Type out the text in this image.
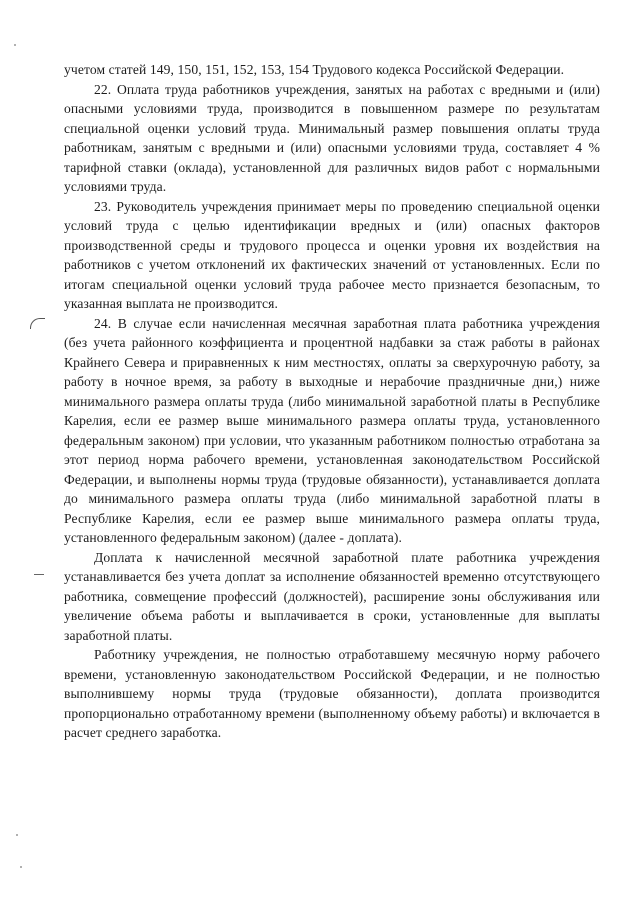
учетом статей 149, 150, 151, 152, 153, 154 Трудового кодекса Российской Федерации.

22. Оплата труда работников учреждения, занятых на работах с вредными и (или) опасными условиями труда, производится в повышенном размере по результатам специальной оценки условий труда. Минимальный размер повышения оплаты труда работникам, занятым с вредными и (или) опасными условиями труда, составляет 4 % тарифной ставки (оклада), установленной для различных видов работ с нормальными условиями труда.

23. Руководитель учреждения принимает меры по проведению специальной оценки условий труда с целью идентификации вредных и (или) опасных факторов производственной среды и трудового процесса и оценки уровня их воздействия на работников с учетом отклонений их фактических значений от установленных. Если по итогам специальной оценки условий труда рабочее место признается безопасным, то указанная выплата не производится.

24. В случае если начисленная месячная заработная плата работника учреждения (без учета районного коэффициента и процентной надбавки за стаж работы в районах Крайнего Севера и приравненных к ним местностях, оплаты за сверхурочную работу, за работу в ночное время, за работу в выходные и нерабочие праздничные дни,) ниже минимального размера оплаты труда (либо минимальной заработной платы в Республике Карелия, если ее размер выше минимального размера оплаты труда, установленного федеральным законом) при условии, что указанным работником полностью отработана за этот период норма рабочего времени, установленная законодательством Российской Федерации, и выполнены нормы труда (трудовые обязанности), устанавливается доплата до минимального размера оплаты труда (либо минимальной заработной платы в Республике Карелия, если ее размер выше минимального размера оплаты труда, установленного федеральным законом) (далее - доплата).

Доплата к начисленной месячной заработной плате работника учреждения устанавливается без учета доплат за исполнение обязанностей временно отсутствующего работника, совмещение профессий (должностей), расширение зоны обслуживания или увеличение объема работы и выплачивается в сроки, установленные для выплаты заработной платы.

Работнику учреждения, не полностью отработавшему месячную норму рабочего времени, установленную законодательством Российской Федерации, и не полностью выполнившему нормы труда (трудовые обязанности), доплата производится пропорционально отработанному времени (выполненному объему работы) и включается в расчет среднего заработка.
